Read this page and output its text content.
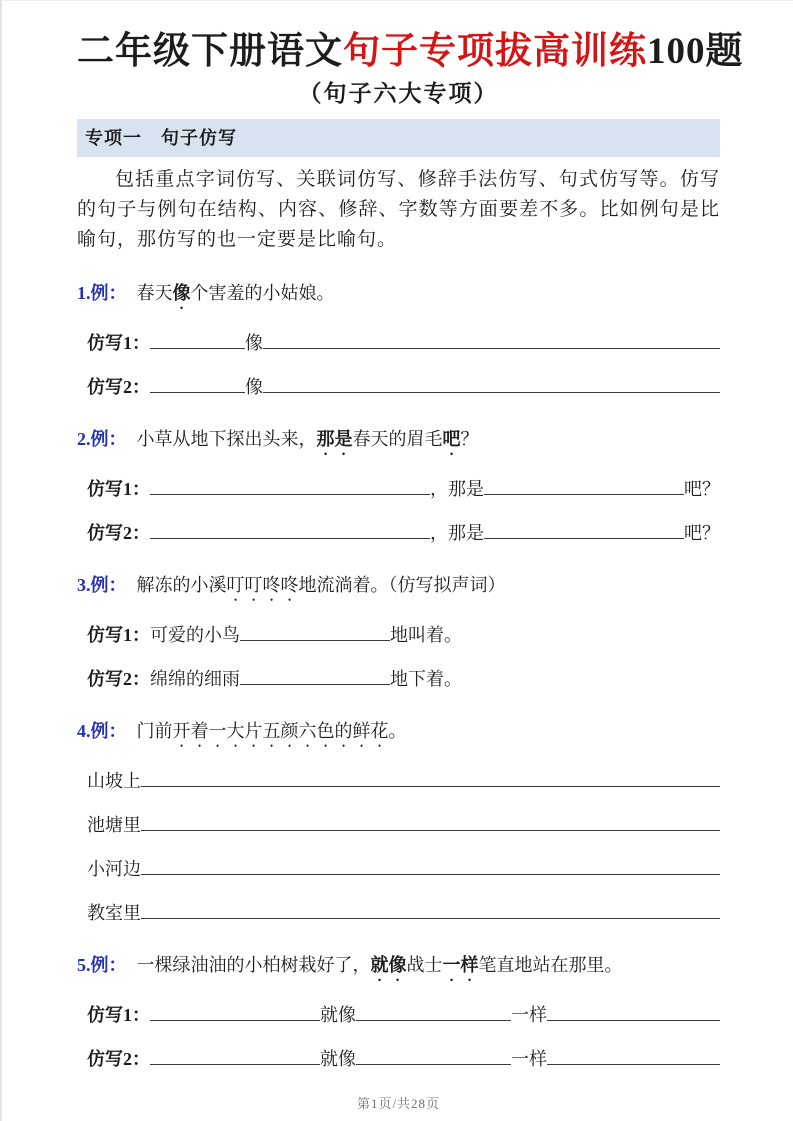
二年级下册语文句子专项拔高训练100题
（句子六大专项）
专项一　句子仿写
包括重点字词仿写、关联词仿写、修辞手法仿写、句式仿写等。仿写的句子与例句在结构、内容、修辞、字数等方面要差不多。比如例句是比喻句，那仿写的也一定要是比喻句。
1.例： 春天像个害羞的小姑娘。
仿写1：	像
仿写2：	像
2.例： 小草从地下探出头来，那是春天的眉毛吧？
仿写1：	，那是	吧？
仿写2：	，那是	吧？
3.例： 解冻的小溪叮叮咚咚地流淌着。（仿写拟声词）
仿写1： 可爱的小鸟	地叫着。
仿写2： 绵绵的细雨	地下着。
4.例： 门前开着一大片五颜六色的鲜花。
山坡上
池塘里
小河边
教室里
5.例： 一棵绿油油的小柏树栽好了，就像战士一样笔直地站在那里。
仿写1：	就像	一样
仿写2：	就像	一样
第1页/共28页
